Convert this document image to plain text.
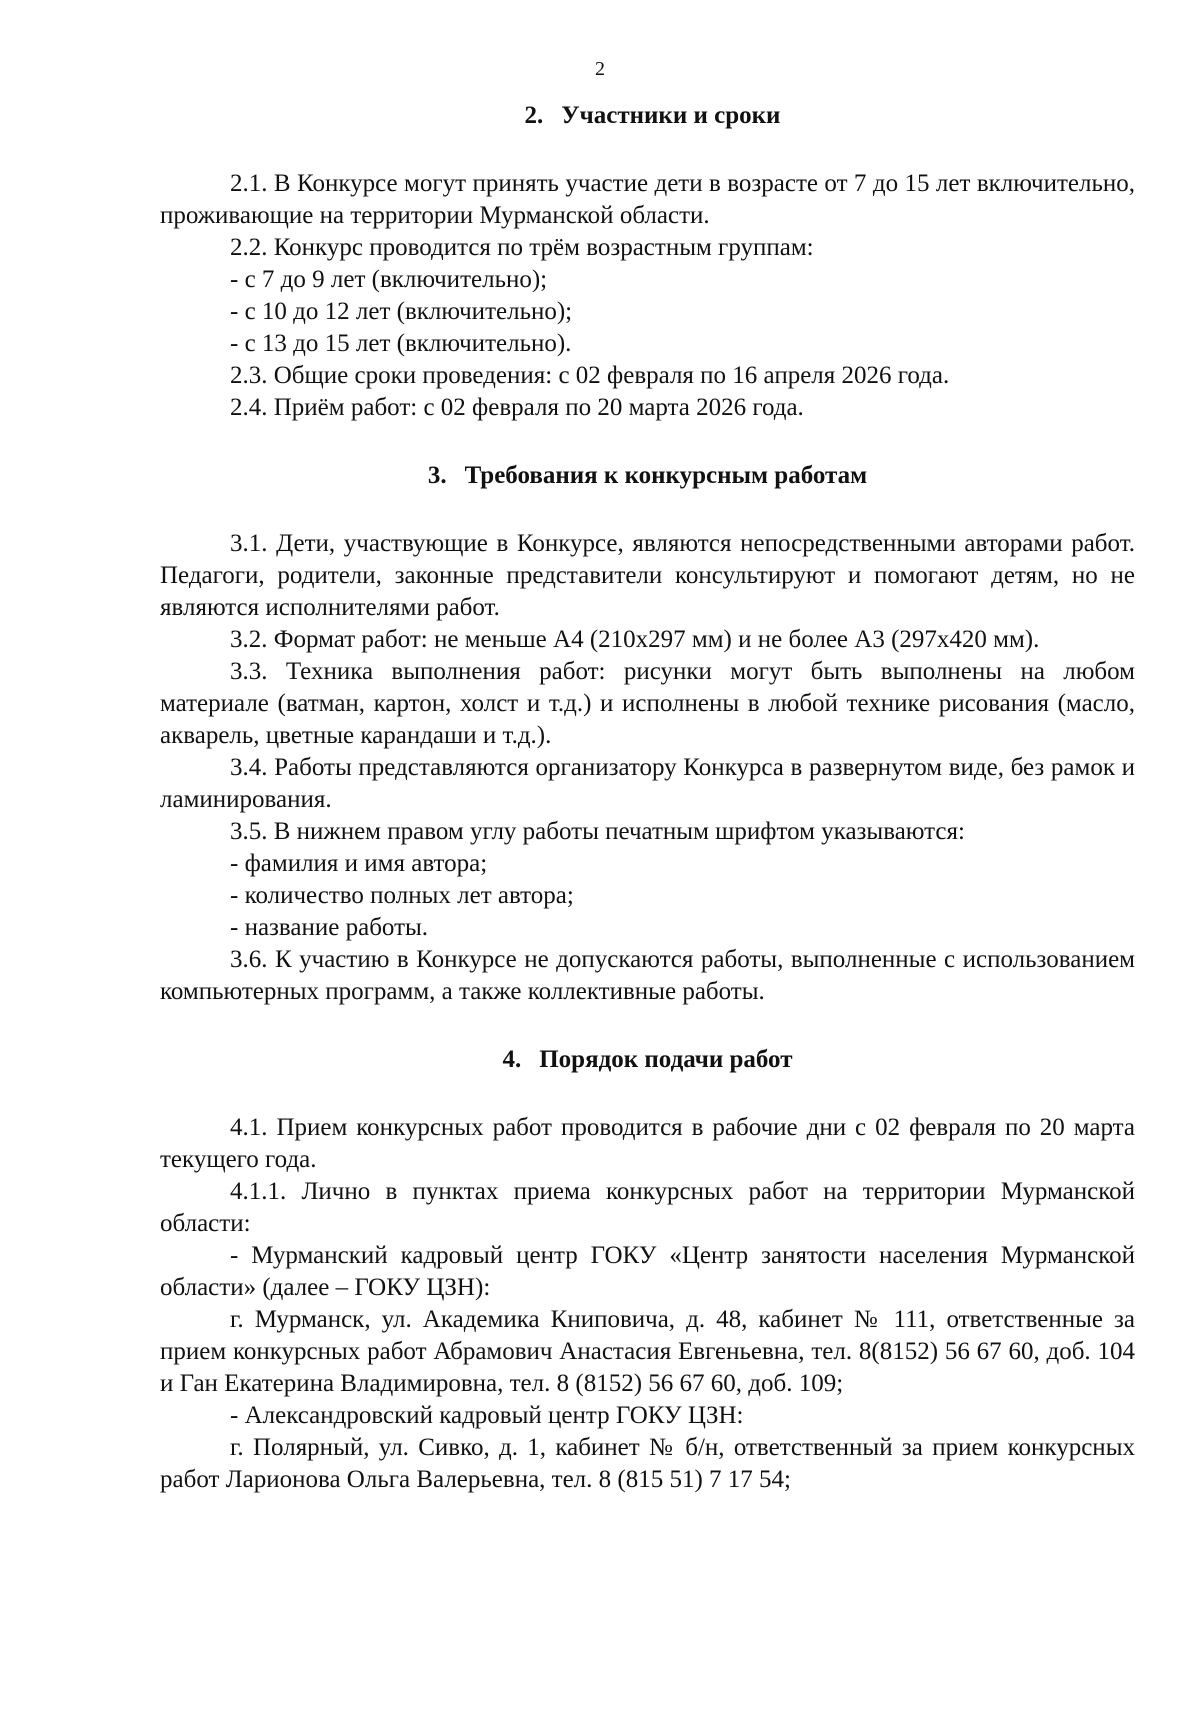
2
2. Участники и сроки

2.1. В Конкурсе могут принять участие дети в возрасте от 7 до 15 лет включительно, проживающие на территории Мурманской области.

2.2. Конкурс проводится по трём возрастным группам:

- с 7 до 9 лет (включительно);
- с 10 до 12 лет (включительно);
- с 13 до 15 лет (включительно).

2.3. Общие сроки проведения: с 02 февраля по 16 апреля 2026 года.

2.4. Приём работ: с 02 февраля по 20 марта 2026 года.

3. Требования к конкурсным работам

3.1. Дети, участвующие в Конкурсе, являются непосредственными авторами работ. Педагоги, родители, законные представители консультируют и помогают детям, но не являются исполнителями работ.

3.2. Формат работ: не меньше А4 (210х297 мм) и не более А3 (297х420 мм).

3.3. Техника выполнения работ: рисунки могут быть выполнены на любом материале (ватман, картон, холст и т.д.) и исполнены в любой технике рисования (масло, акварель, цветные карандаши и т.д.).

3.4. Работы представляются организатору Конкурса в развернутом виде, без рамок и ламинирования.

3.5. В нижнем правом углу работы печатным шрифтом указываются:

- фамилия и имя автора;
- количество полных лет автора;
- название работы.

3.6. К участию в Конкурсе не допускаются работы, выполненные с использованием компьютерных программ, а также коллективные работы.

4. Порядок подачи работ

4.1. Прием конкурсных работ проводится в рабочие дни с 02 февраля по 20 марта текущего года.

4.1.1. Лично в пунктах приема конкурсных работ на территории Мурманской области:

- Мурманский кадровый центр ГОКУ «Центр занятости населения Мурманской области» (далее – ГОКУ ЦЗН):

г. Мурманск, ул. Академика Книповича, д. 48, кабинет № 111, ответственные за прием конкурсных работ Абрамович Анастасия Евгеньевна, тел. 8(8152) 56 67 60, доб. 104 и Ган Екатерина Владимировна, тел. 8 (8152) 56 67 60, доб. 109;

- Александровский кадровый центр ГОКУ ЦЗН:

г. Полярный, ул. Сивко, д. 1, кабинет № б/н, ответственный за прием конкурсных работ Ларионова Ольга Валерьевна, тел. 8 (815 51) 7 17 54;
